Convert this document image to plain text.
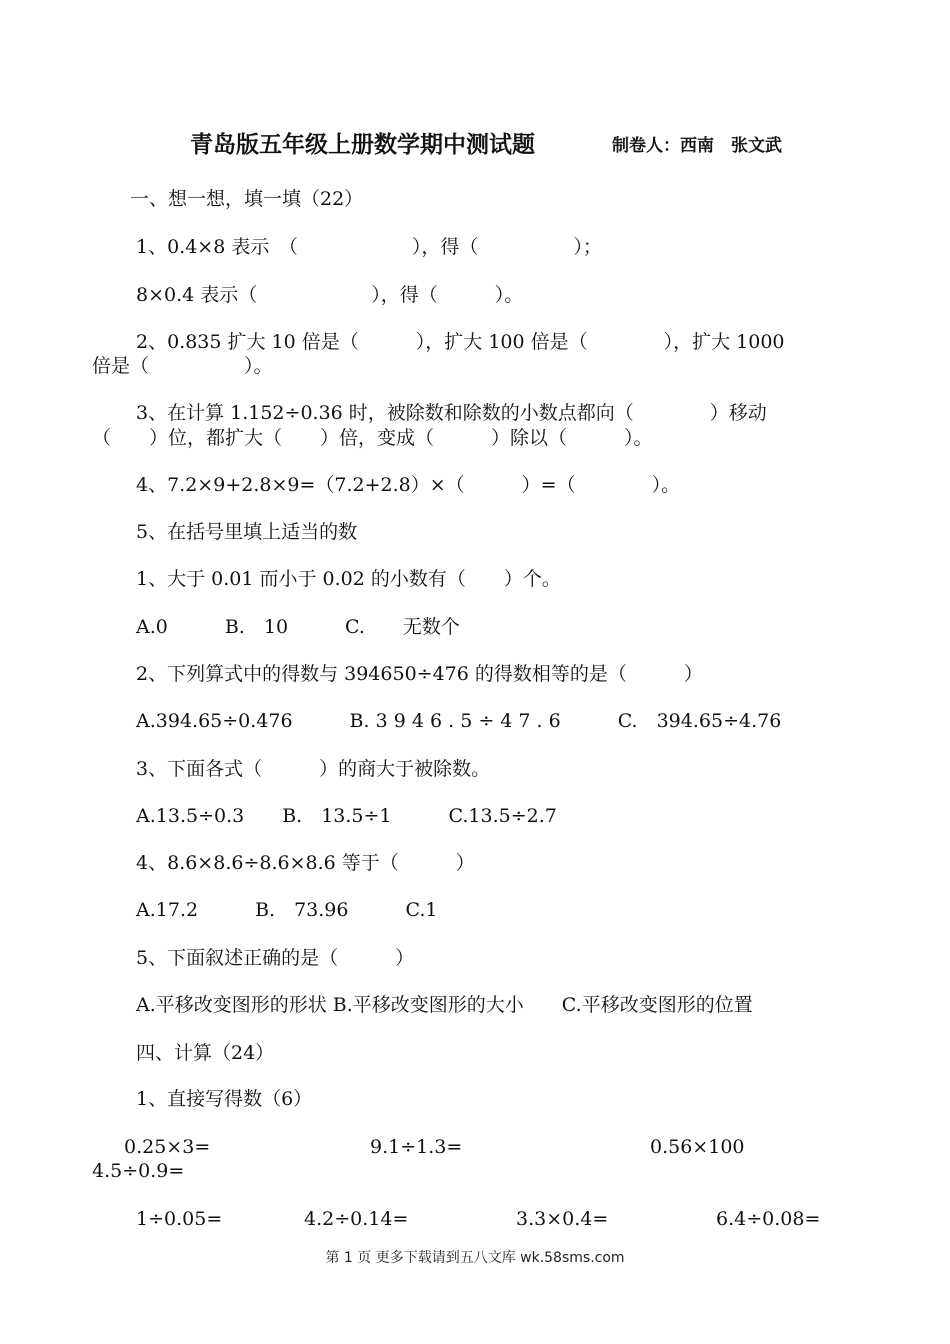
青岛版五年级上册数学期中测试题	制卷人：西南　张文武
一、想一想，填一填（22）
1、0.4×8 表示　（　　　　　　），得（　　　　　）；
8×0.4 表示（　　　　　　），得（　　　）。
2、0.835 扩大 10 倍是（　　　），扩大 100 倍是（　　　　），扩大 1000
倍是（　　　　　）。
3、在计算 1.152÷0.36 时，被除数和除数的小数点都向（　　　　）移动
（　　）位，都扩大（　　）倍，变成（　　　）除以（　　　）。
4、7.2×9+2.8×9=（7.2+2.8）×（　　　）=（　　　　）。
5、在括号里填上适当的数
1、大于 0.01 而小于 0.02 的小数有（　　）个。
A.0　　　B.　10　　　C.　　无数个
2、下列算式中的得数与 394650÷476 的得数相等的是（　　　）
A.394.65÷0.476　　　B. 3 9 4 6 . 5 ÷ 4 7 . 6　　　C.　394.65÷4.76
3、下面各式（　　　）的商大于被除数。
A.13.5÷0.3　　B.　13.5÷1　　　C.13.5÷2.7
4、8.6×8.6÷8.6×8.6 等于（　　　）
A.17.2　　　B.　73.96　　　C.1
5、下面叙述正确的是（　　　）
A.平移改变图形的形状 B.平移改变图形的大小　　C.平移改变图形的位置
四、计算（24）
1、直接写得数（6）
0.25×3=	9.1÷1.3=	0.56×100
4.5÷0.9=
1÷0.05=	4.2÷0.14=	3.3×0.4=	6.4÷0.08=
第 1 页 更多下载请到五八文库 wk.58sms.com
